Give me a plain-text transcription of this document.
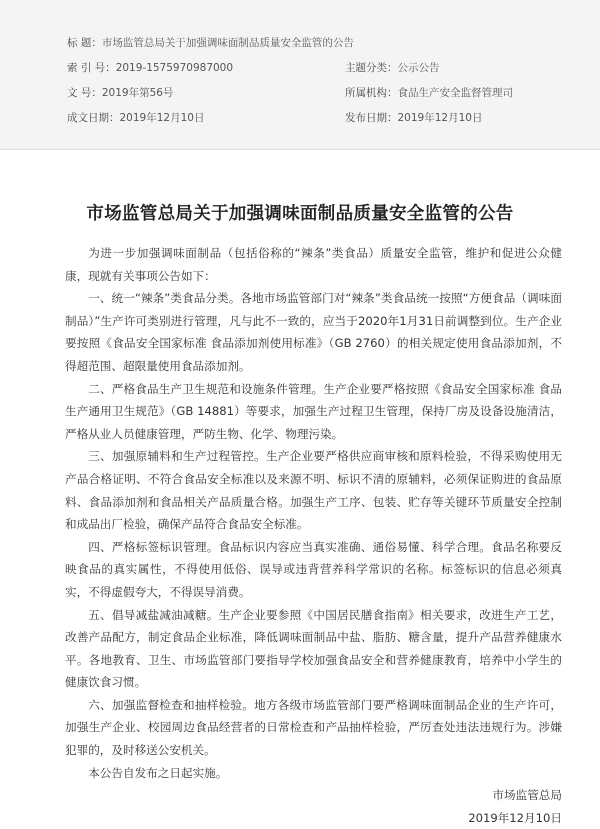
标 题：市场监管总局关于加强调味面制品质量安全监管的公告
索 引 号：2019-1575970987000	主题分类：公示公告
文 号：2019年第56号	所属机构：食品生产安全监督管理司
成文日期：2019年12月10日	发布日期：2019年12月10日
市场监管总局关于加强调味面制品质量安全监管的公告

为进一步加强调味面制品（包括俗称的“辣条”类食品）质量安全监管，维护和促进公众健康，现就有关事项公告如下：

一、统一“辣条”类食品分类。各地市场监管部门对“辣条”类食品统一按照“方便食品（调味面制品）”生产许可类别进行管理，凡与此不一致的，应当于2020年1月31日前调整到位。生产企业要按照《食品安全国家标准 食品添加剂使用标准》（GB 2760）的相关规定使用食品添加剂，不得超范围、超限量使用食品添加剂。

二、严格食品生产卫生规范和设施条件管理。生产企业要严格按照《食品安全国家标准 食品生产通用卫生规范》（GB 14881）等要求，加强生产过程卫生管理，保持厂房及设备设施清洁，严格从业人员健康管理，严防生物、化学、物理污染。

三、加强原辅料和生产过程管控。生产企业要严格供应商审核和原料检验，不得采购使用无产品合格证明、不符合食品安全标准以及来源不明、标识不清的原辅料，必须保证购进的食品原料、食品添加剂和食品相关产品质量合格。加强生产工序、包装、贮存等关键环节质量安全控制和成品出厂检验，确保产品符合食品安全标准。

四、严格标签标识管理。食品标识内容应当真实准确、通俗易懂、科学合理。食品名称要反映食品的真实属性，不得使用低俗、误导或违背营养科学常识的名称。标签标识的信息必须真实，不得虚假夸大，不得误导消费。

五、倡导减盐减油减糖。生产企业要参照《中国居民膳食指南》相关要求，改进生产工艺，改善产品配方，制定食品企业标准，降低调味面制品中盐、脂肪、糖含量，提升产品营养健康水平。各地教育、卫生、市场监管部门要指导学校加强食品安全和营养健康教育，培养中小学生的健康饮食习惯。

六、加强监督检查和抽样检验。地方各级市场监管部门要严格调味面制品企业的生产许可，加强生产企业、校园周边食品经营者的日常检查和产品抽样检验，严厉查处违法违规行为。涉嫌犯罪的，及时移送公安机关。

本公告自发布之日起实施。

市场监管总局

2019年12月10日
